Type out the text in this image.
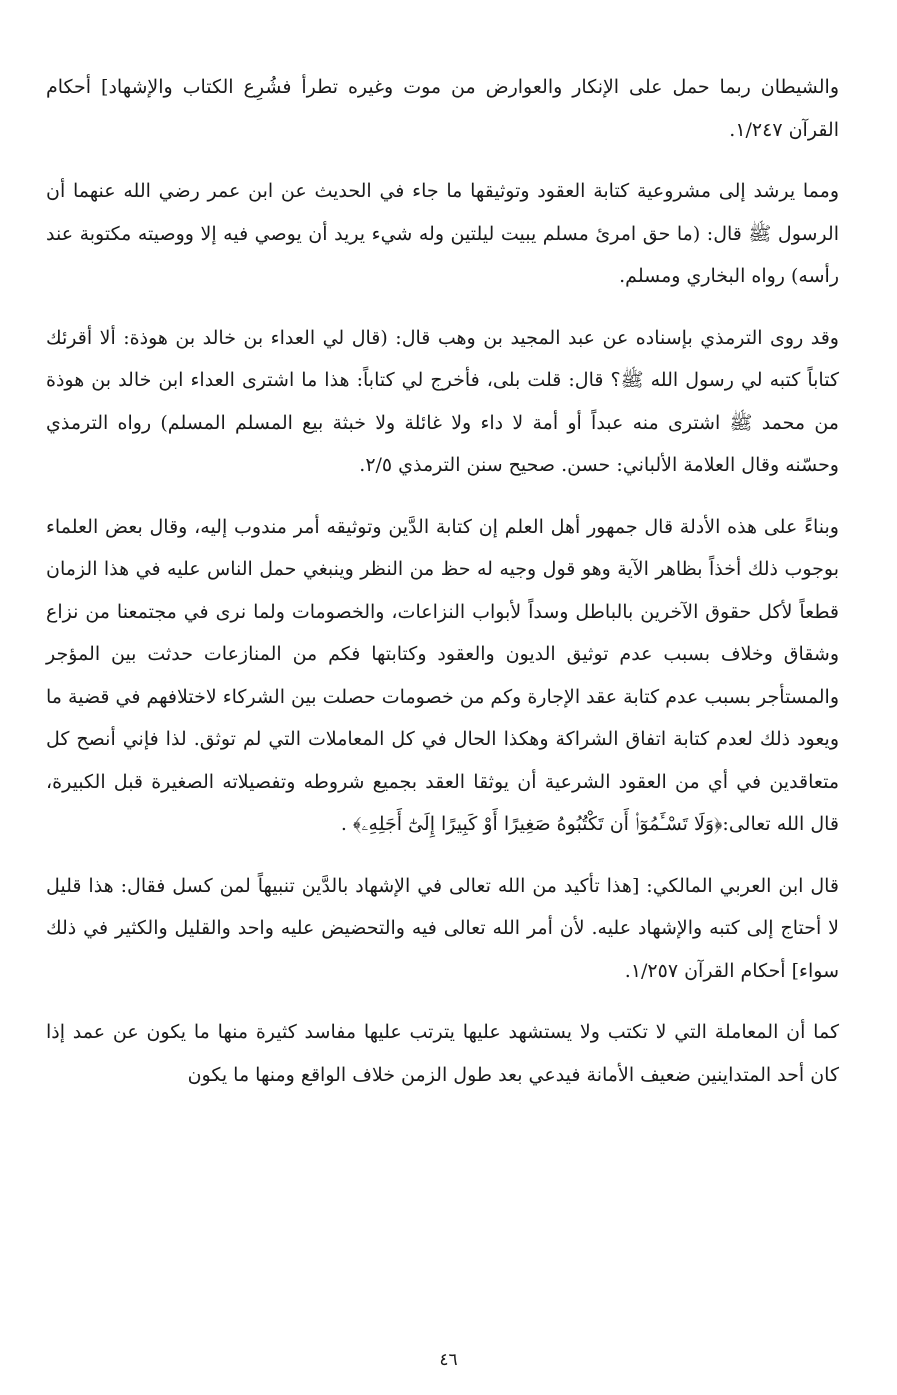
والشيطان ربما حمل على الإنكار والعوارض من موت وغيره تطرأ فشُرِع الكتاب والإشهاد] أحكام القرآن ١/٢٤٧.

ومما يرشد إلى مشروعية كتابة العقود وتوثيقها ما جاء في الحديث عن ابن عمر رضي الله عنهما أن الرسول ﷺ قال: (ما حق امرئ مسلم يبيت ليلتين وله شيء يريد أن يوصي فيه إلا ووصيته مكتوبة عند رأسه) رواه البخاري ومسلم.

وقد روى الترمذي بإسناده عن عبد المجيد بن وهب قال: (قال لي العداء بن خالد بن هوذة: ألا أقرئك كتاباً كتبه لي رسول الله ﷺ؟ قال: قلت بلى، فأخرج لي كتاباً: هذا ما اشترى العداء ابن خالد بن هوذة من محمد ﷺ اشترى منه عبداً أو أمة لا داء ولا غائلة ولا خبثة بيع المسلم المسلم) رواه الترمذي وحسّنه وقال العلامة الألباني: حسن. صحيح سنن الترمذي ٢/٥.

وبناءً على هذه الأدلة قال جمهور أهل العلم إن كتابة الدَّين وتوثيقه أمر مندوب إليه، وقال بعض العلماء بوجوب ذلك أخذاً بظاهر الآية وهو قول وجيه له حظ من النظر وينبغي حمل الناس عليه في هذا الزمان قطعاً لأكل حقوق الآخرين بالباطل وسداً لأبواب النزاعات، والخصومات ولما نرى في مجتمعنا من نزاع وشقاق وخلاف بسبب عدم توثيق الديون والعقود وكتابتها فكم من المنازعات حدثت بين المؤجر والمستأجر بسبب عدم كتابة عقد الإجارة وكم من خصومات حصلت بين الشركاء لاختلافهم في قضية ما ويعود ذلك لعدم كتابة اتفاق الشراكة وهكذا الحال في كل المعاملات التي لم توثق. لذا فإني أنصح كل متعاقدين في أي من العقود الشرعية أن يوثقا العقد بجميع شروطه وتفصيلاته الصغيرة قبل الكبيرة، قال الله تعالى:﴿وَلَا تَسْـَٔمُوٓا۟ أَن تَكْتُبُوهُ صَغِيرًا أَوْ كَبِيرًا إِلَىٰٓ أَجَلِهِۦ﴾ .

قال ابن العربي المالكي: [هذا تأكيد من الله تعالى في الإشهاد بالدَّين تنبيهاً لمن كسل فقال: هذا قليل لا أحتاج إلى كتبه والإشهاد عليه. لأن أمر الله تعالى فيه والتحضيض عليه واحد والقليل والكثير في ذلك سواء] أحكام القرآن ١/٢٥٧.

كما أن المعاملة التي لا تكتب ولا يستشهد عليها يترتب عليها مفاسد كثيرة منها ما يكون عن عمد إذا كان أحد المتداينين ضعيف الأمانة فيدعي بعد طول الزمن خلاف الواقع ومنها ما يكون

٤٦
